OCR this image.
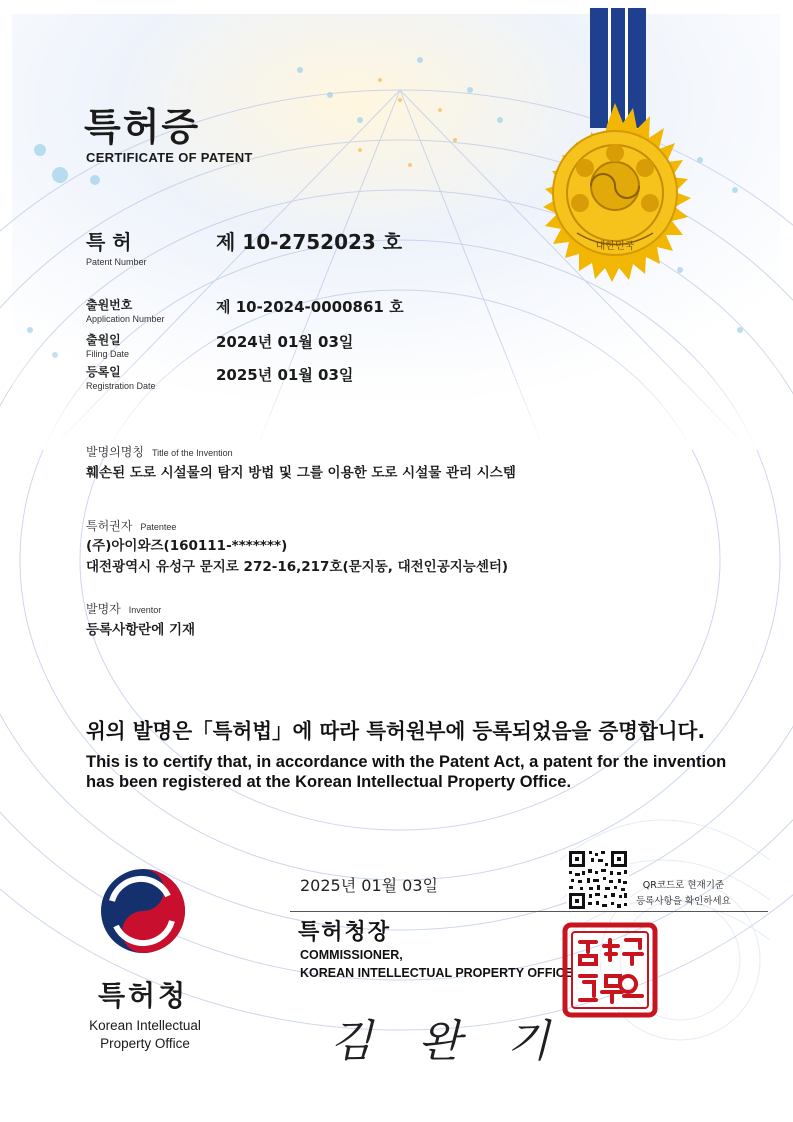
대한민국
특허증
CERTIFICATE OF PATENT
특 허
Patent Number
제 10-2752023 호
출원번호
Application Number
제 10-2024-0000861 호
출원일
Filing Date
2024년 01월 03일
등록일
Registration Date
2025년 01월 03일
발명의명칭 Title of the Invention
훼손된 도로 시설물의 탐지 방법 및 그를 이용한 도로 시설물 관리 시스템
특허권자 Patentee
(주)아이와즈(160111-*******)
대전광역시 유성구 문지로 272-16,217호(문지동, 대전인공지능센터)
발명자 Inventor
등록사항란에 기재
위의 발명은「특허법」에 따라 특허원부에 등록되었음을 증명합니다.
This is to certify that, in accordance with the Patent Act, a patent for the invention has been registered at the Korean Intellectual Property Office.
2025년 01월 03일	QR코드로 현재기준
등록사항을 확인하세요
특허청장
COMMISSIONER,
KOREAN INTELLECTUAL PROPERTY OFFICE
김 완 기
특허청
Korean Intellectual
Property Office
